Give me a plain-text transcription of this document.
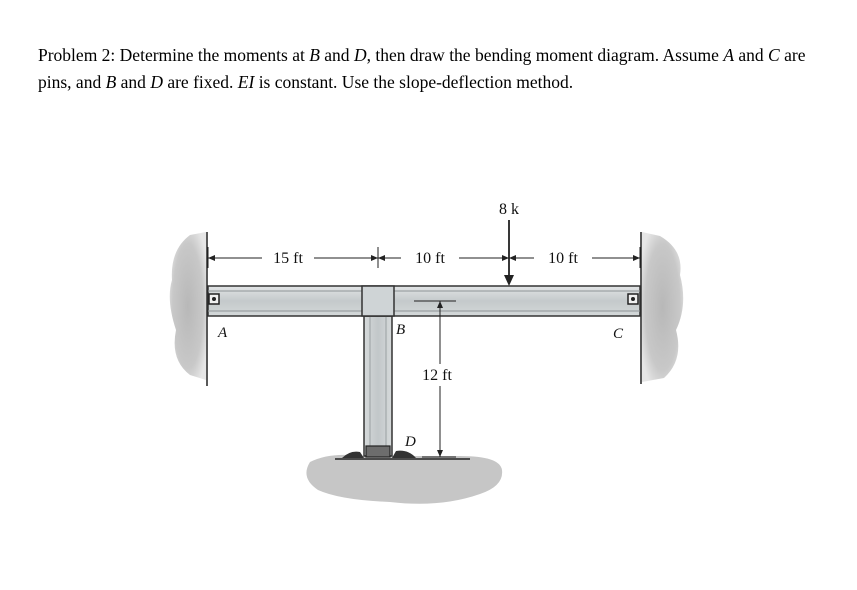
Problem 2: Determine the moments at B and D, then draw the bending moment diagram. Assume A and C are pins, and B and D are fixed. EI is constant. Use the slope-deflection method.

15 ft	10 ft	10 ft
8 k
12 ft
A	B	C
D
